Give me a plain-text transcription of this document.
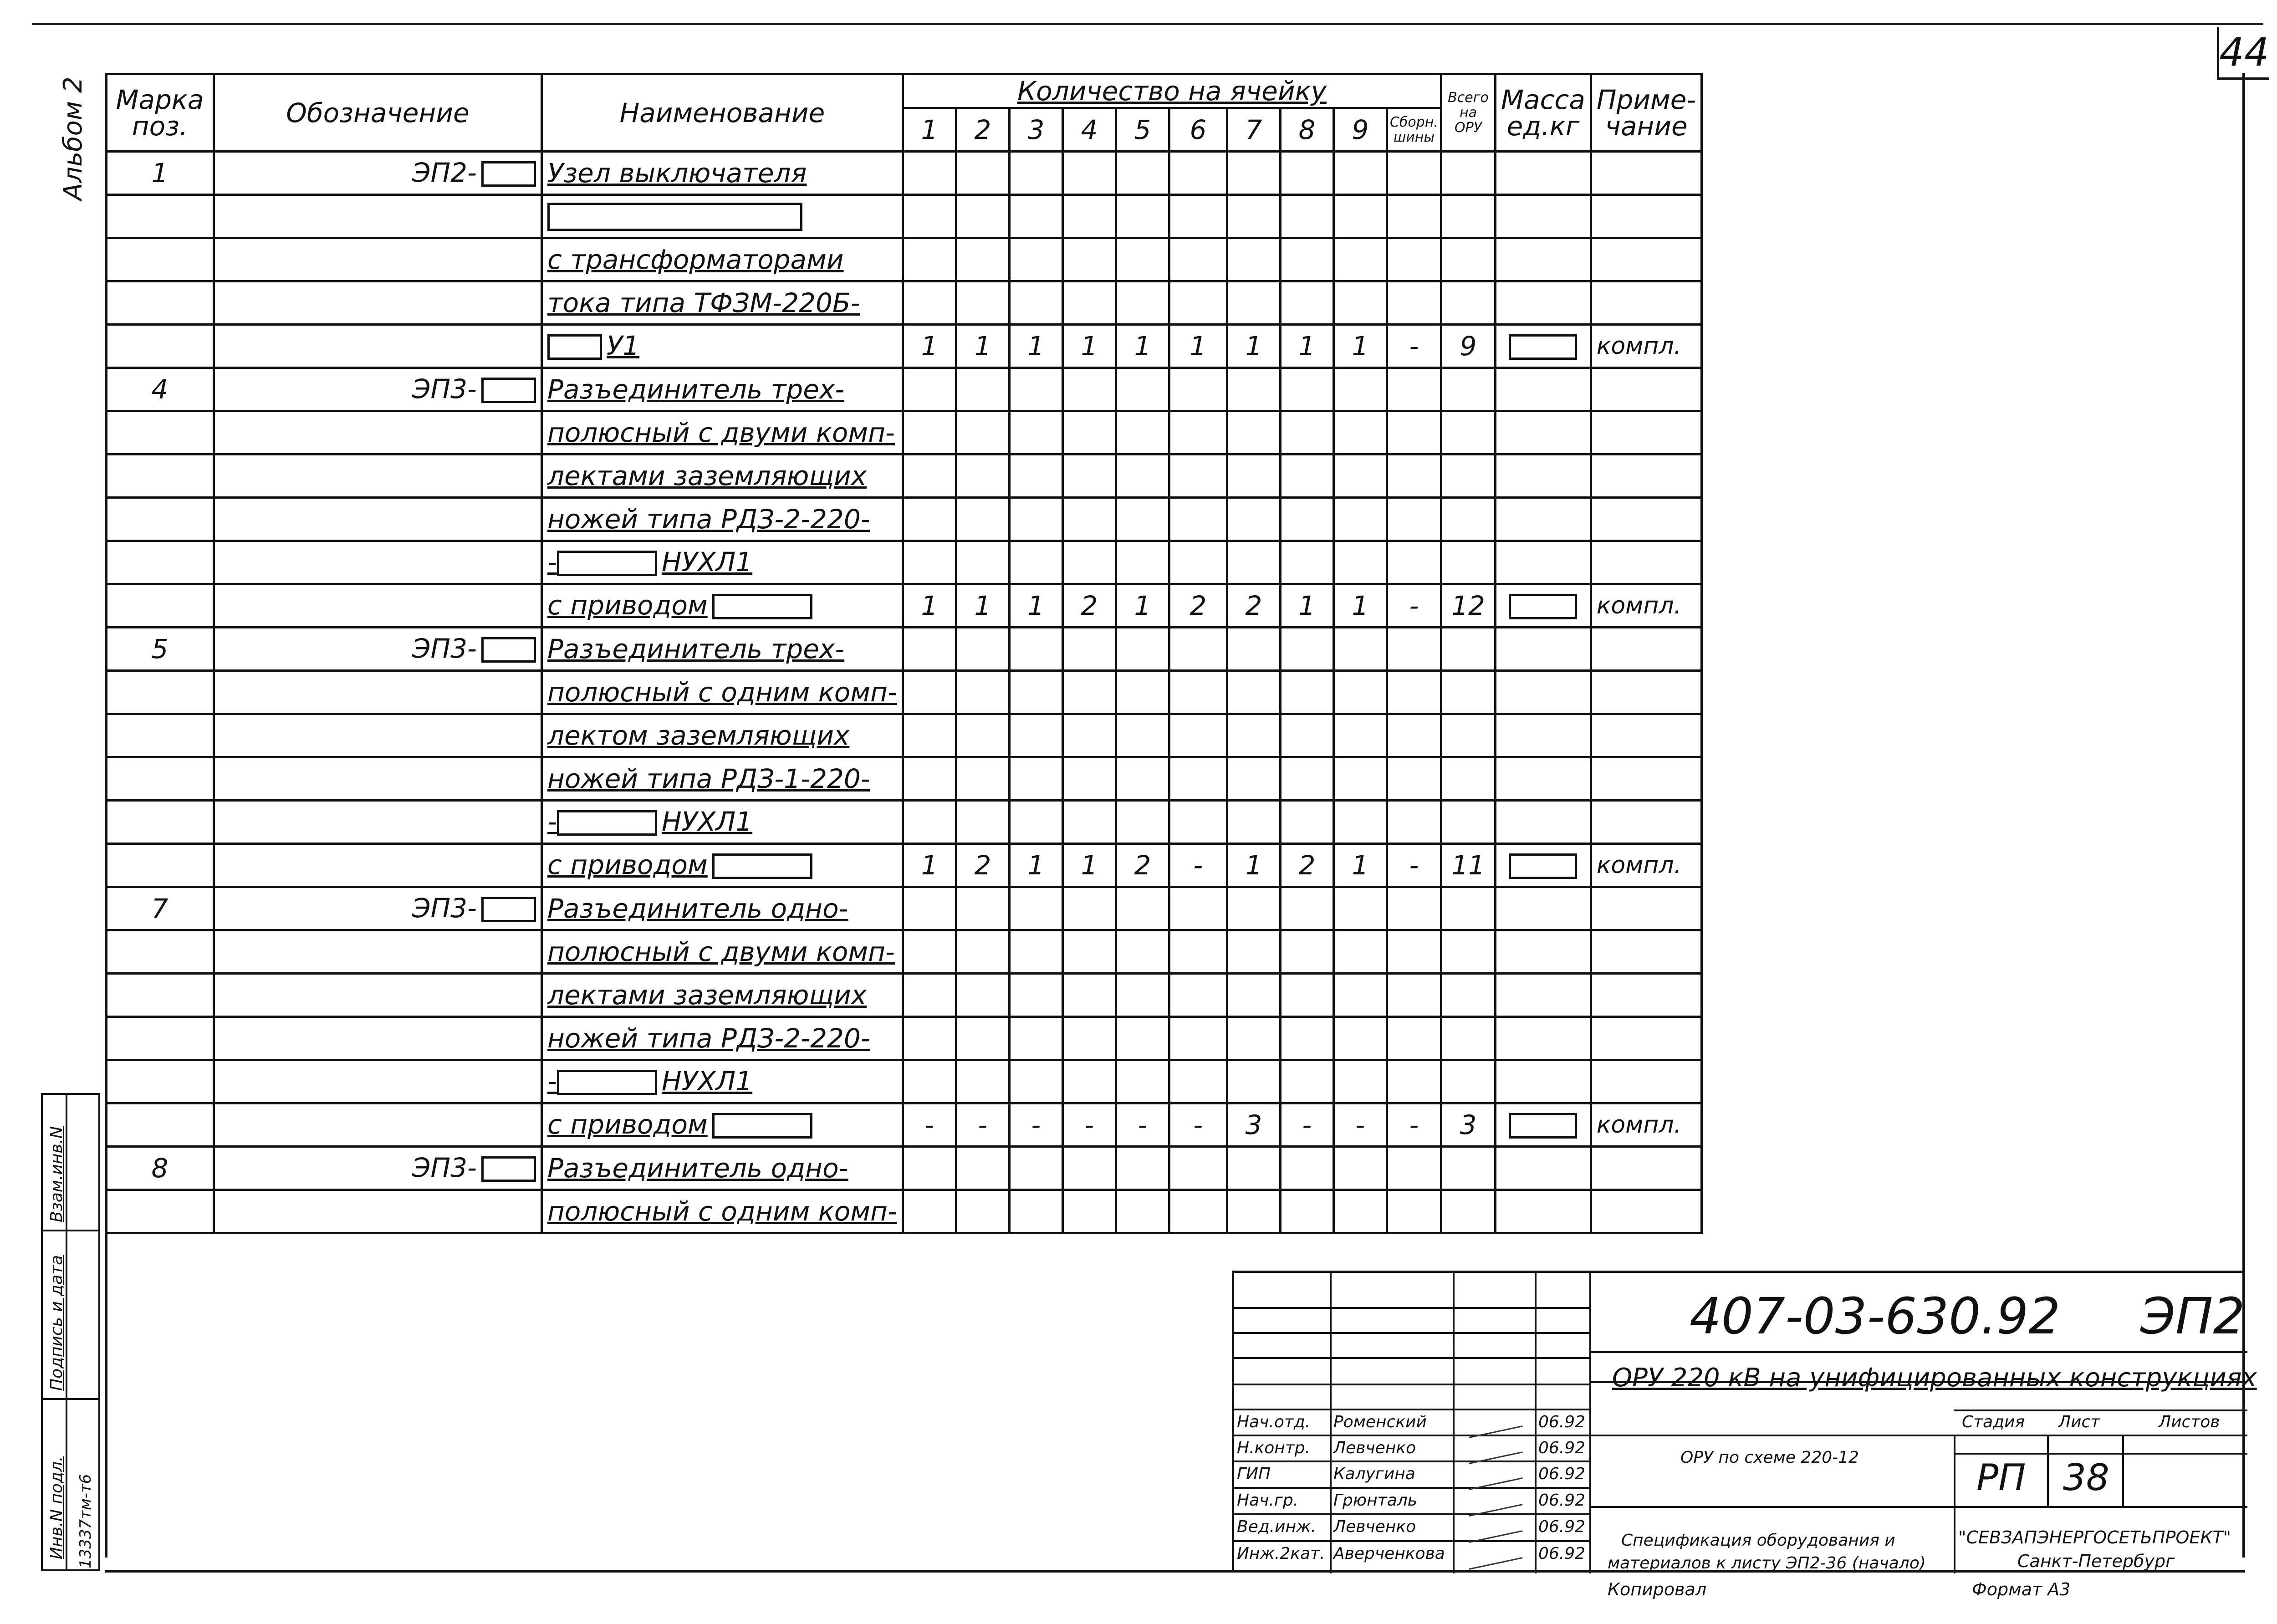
44
Альбом 2
Взам.инв.N
Подпись и дата
Инв.N подл. 13337тм-т6
Марка поз.	Обозначение	Наименование	Количество на ячейку										Всего на ОРУ	Масса ед.кг	Приме- чание
			1	2	3	4	5	6	7	8	9	Сборн. шины			
1	ЭП2-	Узел выключателя													

		с трансформаторами													
		тока типа ТФЗМ-220Б-													
		У1	1	1	1	1	1	1	1	1	1	-	9		компл.
4	ЭП3-	Разъединитель трех-													
		полюсный с двуми комп-													
		лектами заземляющих													
		ножей типа РДЗ-2-220-													
		- НУХЛ1													
		с приводом	1	1	1	2	1	2	2	1	1	-	12		компл.
5	ЭП3-	Разъединитель трех-													
		полюсный с одним комп-													
		лектом заземляющих													
		ножей типа РДЗ-1-220-													
		- НУХЛ1													
		с приводом	1	2	1	1	2	-	1	2	1	-	11		компл.
7	ЭП3-	Разъединитель одно-													
		полюсный с двуми комп-													
		лектами заземляющих													
		ножей типа РДЗ-2-220-													
		- НУХЛ1													
		с приводом	-	-	-	-	-	-	3	-	-	-	3		компл.
8	ЭП3-	Разъединитель одно-													
		полюсный с одним комп-													
407-03-630.92 ЭП2
ОРУ 220 кВ на унифицированных конструкциях
ОРУ по схеме 220-12
Спецификация оборудования и
материалов к листу ЭП2-36 (начало)
Стадия Лист	Листов
РП 38
"СЕВЗАПЭНЕРГОСЕТЬПРОЕКТ"
Санкт-Петербург
Нач.отд. Роменский	06.92
Н.контр. Левченко	06.92
ГИП	Калугина	06.92
Нач.гр. Грюнталь	06.92
Вед.инж. Левченко	06.92
Инж.2кат. Аверченкова	06.92
Копировал	Формат А3
